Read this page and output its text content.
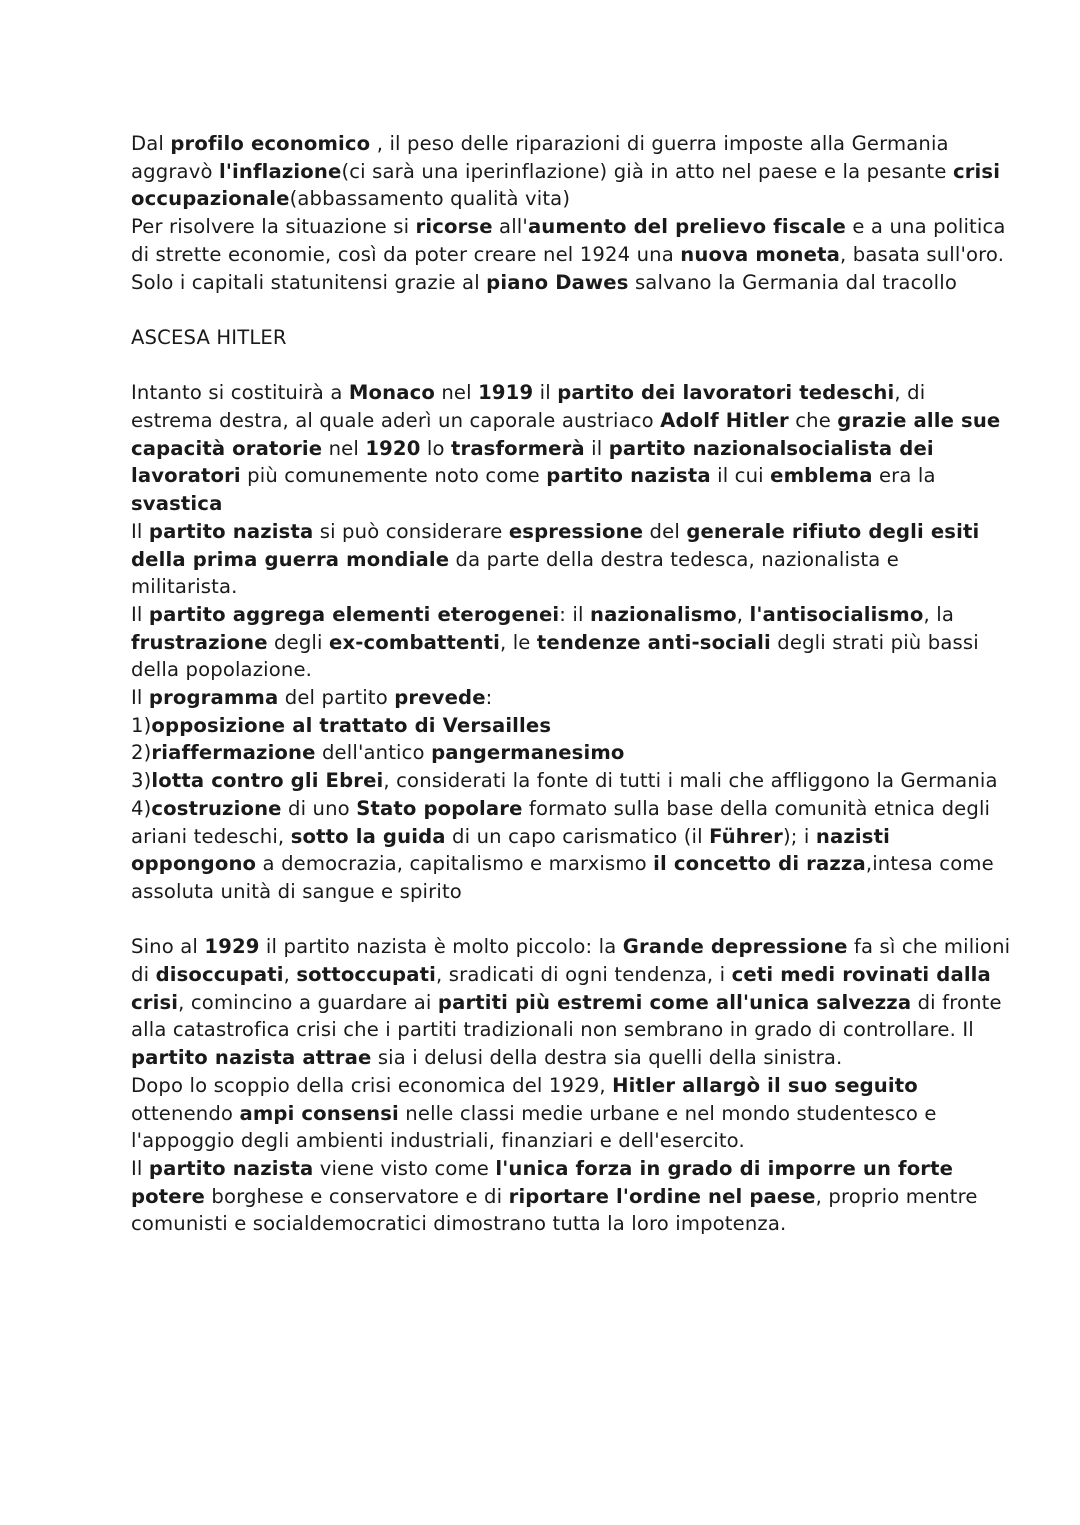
Dal profilo economico , il peso delle riparazioni di guerra imposte alla Germania aggravò l'inflazione(ci sarà una iperinflazione) già in atto nel paese e la pesante crisi occupazionale(abbassamento qualità vita)

Per risolvere la situazione si ricorse all'aumento del prelievo fiscale e a una politica di strette economie, così da poter creare nel 1924 una nuova moneta, basata sull'oro.

Solo i capitali statunitensi grazie al piano Dawes salvano la Germania dal tracollo

ASCESA HITLER

Intanto si costituirà a Monaco nel 1919 il partito dei lavoratori tedeschi, di estrema destra, al quale aderì un caporale austriaco Adolf Hitler che grazie alle sue capacità oratorie nel 1920 lo trasformerà il partito nazionalsocialista dei lavoratori più comunemente noto come partito nazista il cui emblema era la svastica

Il partito nazista si può considerare espressione del generale rifiuto degli esiti della prima guerra mondiale da parte della destra tedesca, nazionalista e militarista.

Il partito aggrega elementi eterogenei: il nazionalismo, l'antisocialismo, la frustrazione degli ex-combattenti, le tendenze anti-sociali degli strati più bassi della popolazione.

Il programma del partito prevede:

1)opposizione al trattato di Versailles

2)riaffermazione dell'antico pangermanesimo

3)lotta contro gli Ebrei, considerati la fonte di tutti i mali che affliggono la Germania

4)costruzione di uno Stato popolare formato sulla base della comunità etnica degli ariani tedeschi, sotto la guida di un capo carismatico (il Führer); i nazisti oppongono a democrazia, capitalismo e marxismo il concetto di razza,intesa come assoluta unità di sangue e spirito

Sino al 1929 il partito nazista è molto piccolo: la Grande depressione fa sì che milioni di disoccupati, sottoccupati, sradicati di ogni tendenza, i ceti medi rovinati dalla crisi, comincino a guardare ai partiti più estremi come all'unica salvezza di fronte alla catastrofica crisi che i partiti tradizionali non sembrano in grado di controllare. Il partito nazista attrae sia i delusi della destra sia quelli della sinistra.

Dopo lo scoppio della crisi economica del 1929, Hitler allargò il suo seguito ottenendo ampi consensi nelle classi medie urbane e nel mondo studentesco e l'appoggio degli ambienti industriali, finanziari e dell'esercito.

Il partito nazista viene visto come l'unica forza in grado di imporre un forte potere borghese e conservatore e di riportare l'ordine nel paese, proprio mentre comunisti e socialdemocratici dimostrano tutta la loro impotenza.
